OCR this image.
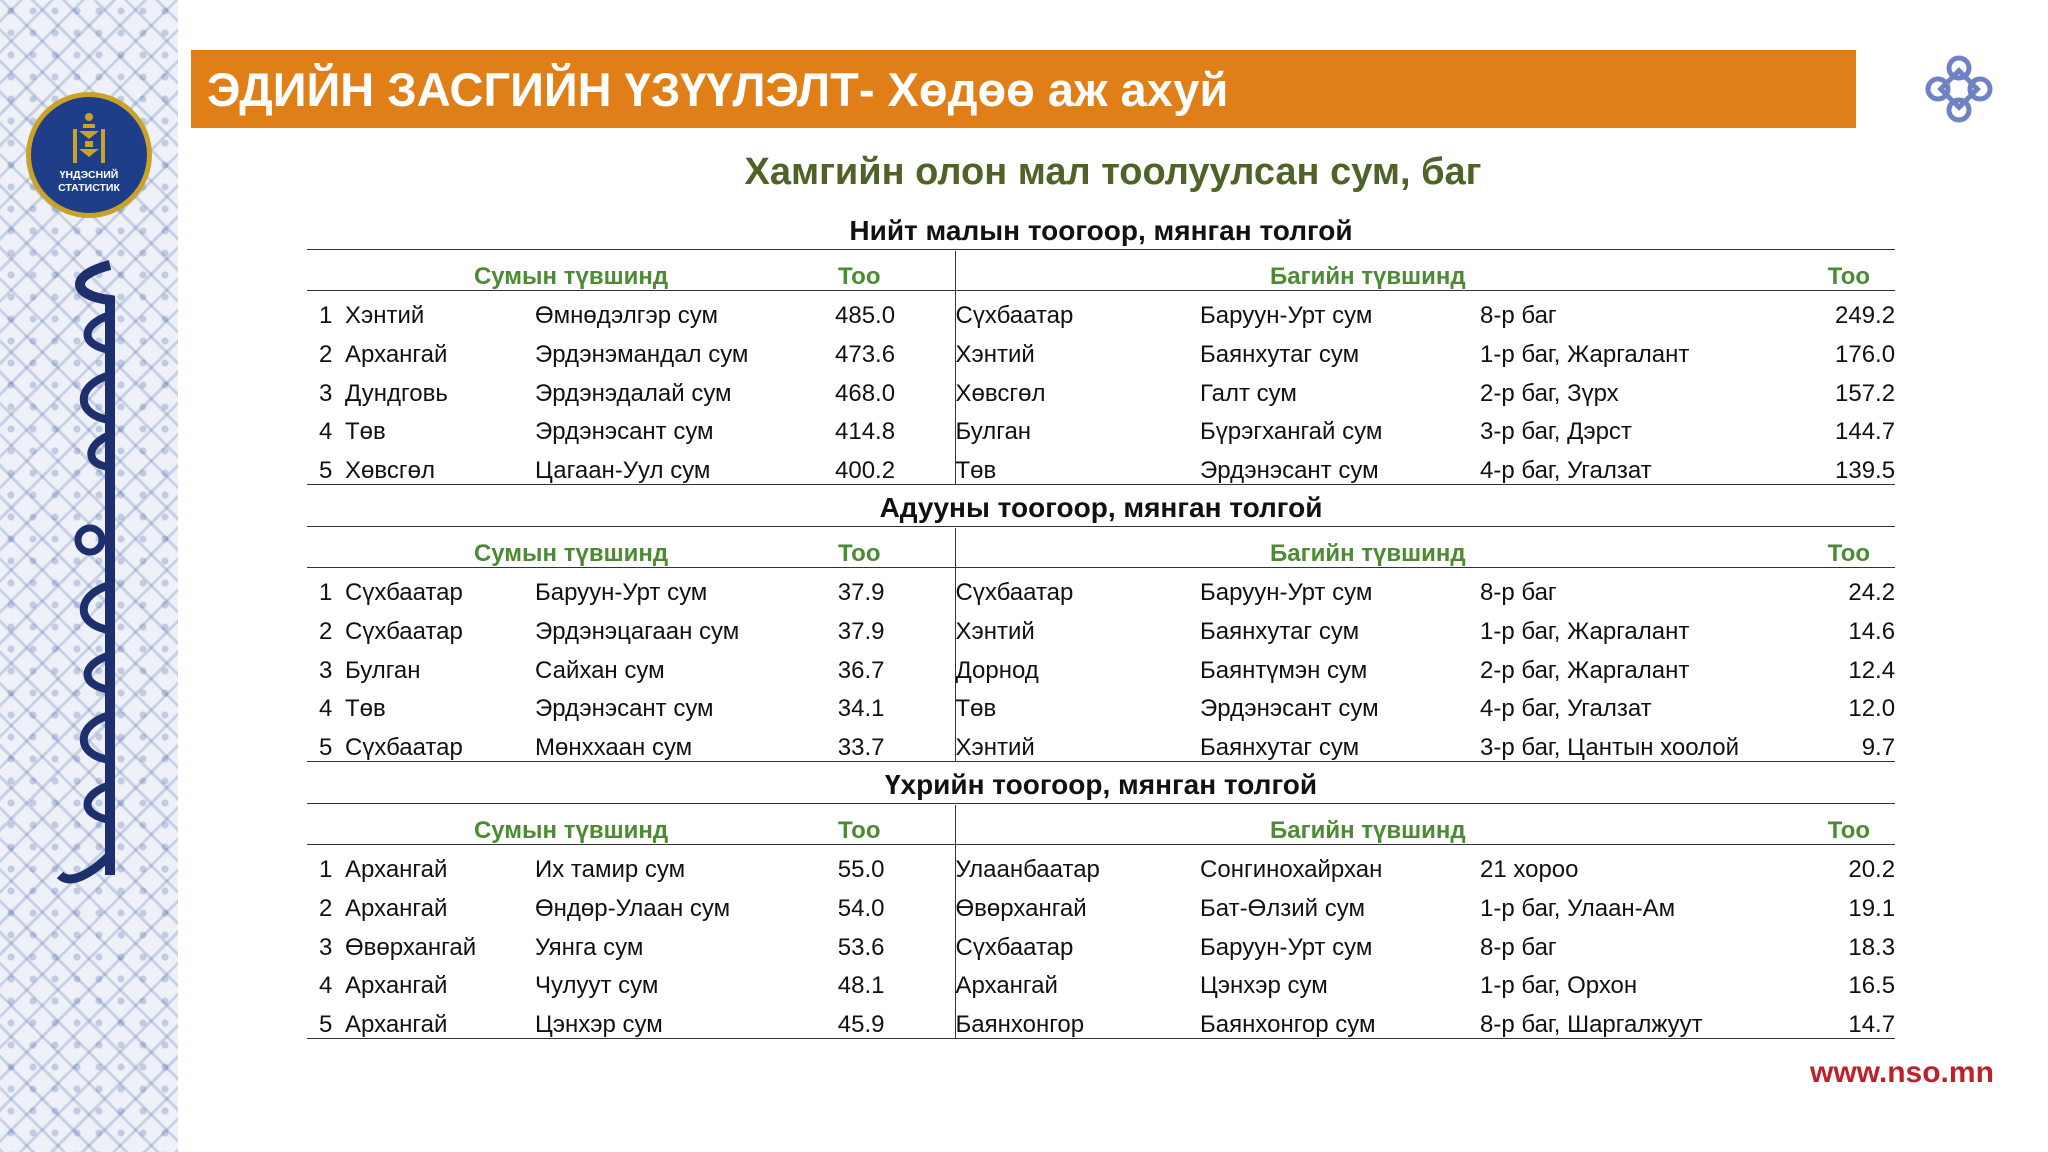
ҮНДЭСНИЙ
СТАТИСТИК
ЭДИЙН ЗАСГИЙН ҮЗҮҮЛЭЛТ- Хөдөө аж ахуй
Хамгийн олон мал тоолуулсан сум, баг
Нийт малын тоогоор, мянган толгой
Сумын түвшинд			Тоо	Багийн түвшинд			Тоо
1	Хэнтий	Өмнөдэлгэр сум	485.0	Сүхбаатар	Баруун-Урт сум	8-р баг	249.2
2	Архангай	Эрдэнэмандал сум	473.6	Хэнтий	Баянхутаг сум	1-р баг, Жаргалант	176.0
3	Дундговь	Эрдэнэдалай сум	468.0	Хөвсгөл	Галт сум	2-р баг, Зүрх	157.2
4	Төв	Эрдэнэсант сум	414.8	Булган	Бүрэгхангай сум	3-р баг, Дэрст	144.7
5	Хөвсгөл	Цагаан-Уул сум	400.2	Төв	Эрдэнэсант сум	4-р баг, Угалзат	139.5
Адууны тоогоор, мянган толгой
Сумын түвшинд			Тоо	Багийн түвшинд			Тоо
1	Сүхбаатар	Баруун-Урт сум	37.9	Сүхбаатар	Баруун-Урт сум	8-р баг	24.2
2	Сүхбаатар	Эрдэнэцагаан сум	37.9	Хэнтий	Баянхутаг сум	1-р баг, Жаргалант	14.6
3	Булган	Сайхан сум	36.7	Дорнод	Баянтүмэн сум	2-р баг, Жаргалант	12.4
4	Төв	Эрдэнэсант сум	34.1	Төв	Эрдэнэсант сум	4-р баг, Угалзат	12.0
5	Сүхбаатар	Мөнххаан сум	33.7	Хэнтий	Баянхутаг сум	3-р баг, Цантын хоолой	9.7
Үхрийн тоогоор, мянган толгой
Сумын түвшинд			Тоо	Багийн түвшинд			Тоо
1	Архангай	Их тамир сум	55.0	Улаанбаатар	Сонгинохайрхан	21 хороо	20.2
2	Архангай	Өндөр-Улаан сум	54.0	Өвөрхангай	Бат-Өлзий сум	1-р баг, Улаан-Ам	19.1
3	Өвөрхангай	Уянга сум	53.6	Сүхбаатар	Баруун-Урт сум	8-р баг	18.3
4	Архангай	Чулуут сум	48.1	Архангай	Цэнхэр сум	1-р баг, Орхон	16.5
5	Архангай	Цэнхэр сум	45.9	Баянхонгор	Баянхонгор сум	8-р баг, Шаргалжуут	14.7
www.nso.mn
